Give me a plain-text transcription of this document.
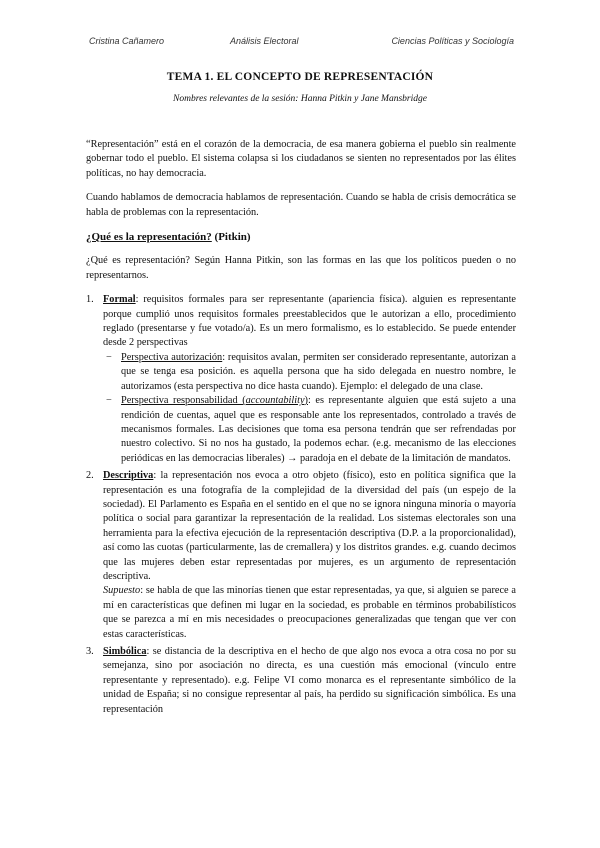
Cristina Cañamero	Análisis Electoral	Ciencias Políticas y Sociología
TEMA 1. EL CONCEPTO DE REPRESENTACIÓN
Nombres relevantes de la sesión: Hanna Pitkin y Jane Mansbridge

“Representación” está en el corazón de la democracia, de esa manera gobierna el pueblo sin realmente gobernar todo el pueblo. El sistema colapsa si los ciudadanos se sienten no representados por las élites políticas, no hay democracia.

Cuando hablamos de democracia hablamos de representación. Cuando se habla de crisis democrática se habla de problemas con la representación.

¿Qué es la representación? (Pitkin)

¿Qué es representación? Según Hanna Pitkin, son las formas en las que los políticos pueden o no representarnos.

1. Formal: requisitos formales para ser representante (apariencia física). alguien es representante porque cumplió unos requisitos formales preestablecidos que le autorizan a ello, procedimiento reglado (presentarse y fue votado/a). Es un mero formalismo, es lo establecido. Se puede entender desde 2 perspectivas
− Perspectiva autorización: requisitos avalan, permiten ser considerado representante, autorizan a que se tenga esa posición. es aquella persona que ha sido delegada en nuestro nombre, le autorizamos (esta perspectiva no dice hasta cuando). Ejemplo: el delegado de una clase.
− Perspectiva responsabilidad (accountability): es representante alguien que está sujeto a una rendición de cuentas, aquel que es responsable ante los representados, controlado a través de mecanismos formales. Las decisiones que toma esa persona tendrán que ser refrendadas por nuestro colectivo. Si no nos ha gustado, la podemos echar. (e.g. mecanismo de las elecciones periódicas en las democracias liberales) → paradoja en el debate de la limitación de mandatos.
2. Descriptiva: la representación nos evoca a otro objeto (físico), esto en política significa que la representación es una fotografía de la complejidad de la diversidad del país (un espejo de la sociedad). El Parlamento es España en el sentido en el que no se ignora ninguna minoría o mayoría política o social para garantizar la representación de la realidad. Los sistemas electorales son una herramienta para la efectiva ejecución de la representación descriptiva (D.P. a la proporcionalidad), así como las cuotas (particularmente, las de cremallera) y los distritos grandes. e.g. cuando decimos que las mujeres deben estar representadas por mujeres, es un argumento de representación descriptiva.
Supuesto: se habla de que las minorías tienen que estar representadas, ya que, si alguien se parece a mí en características que definen mi lugar en la sociedad, es probable en términos probabilísticos que se parezca a mí en mis necesidades o preocupaciones generalizadas que tengan que ver con estas características.
3. Simbólica: se distancia de la descriptiva en el hecho de que algo nos evoca a otra cosa no por su semejanza, sino por asociación no directa, es una cuestión más emocional (vínculo entre representante y representado). e.g. Felipe VI como monarca es el representante simbólico de la unidad de España; si no consigue representar al país, ha perdido su significación simbólica. Es una representación
